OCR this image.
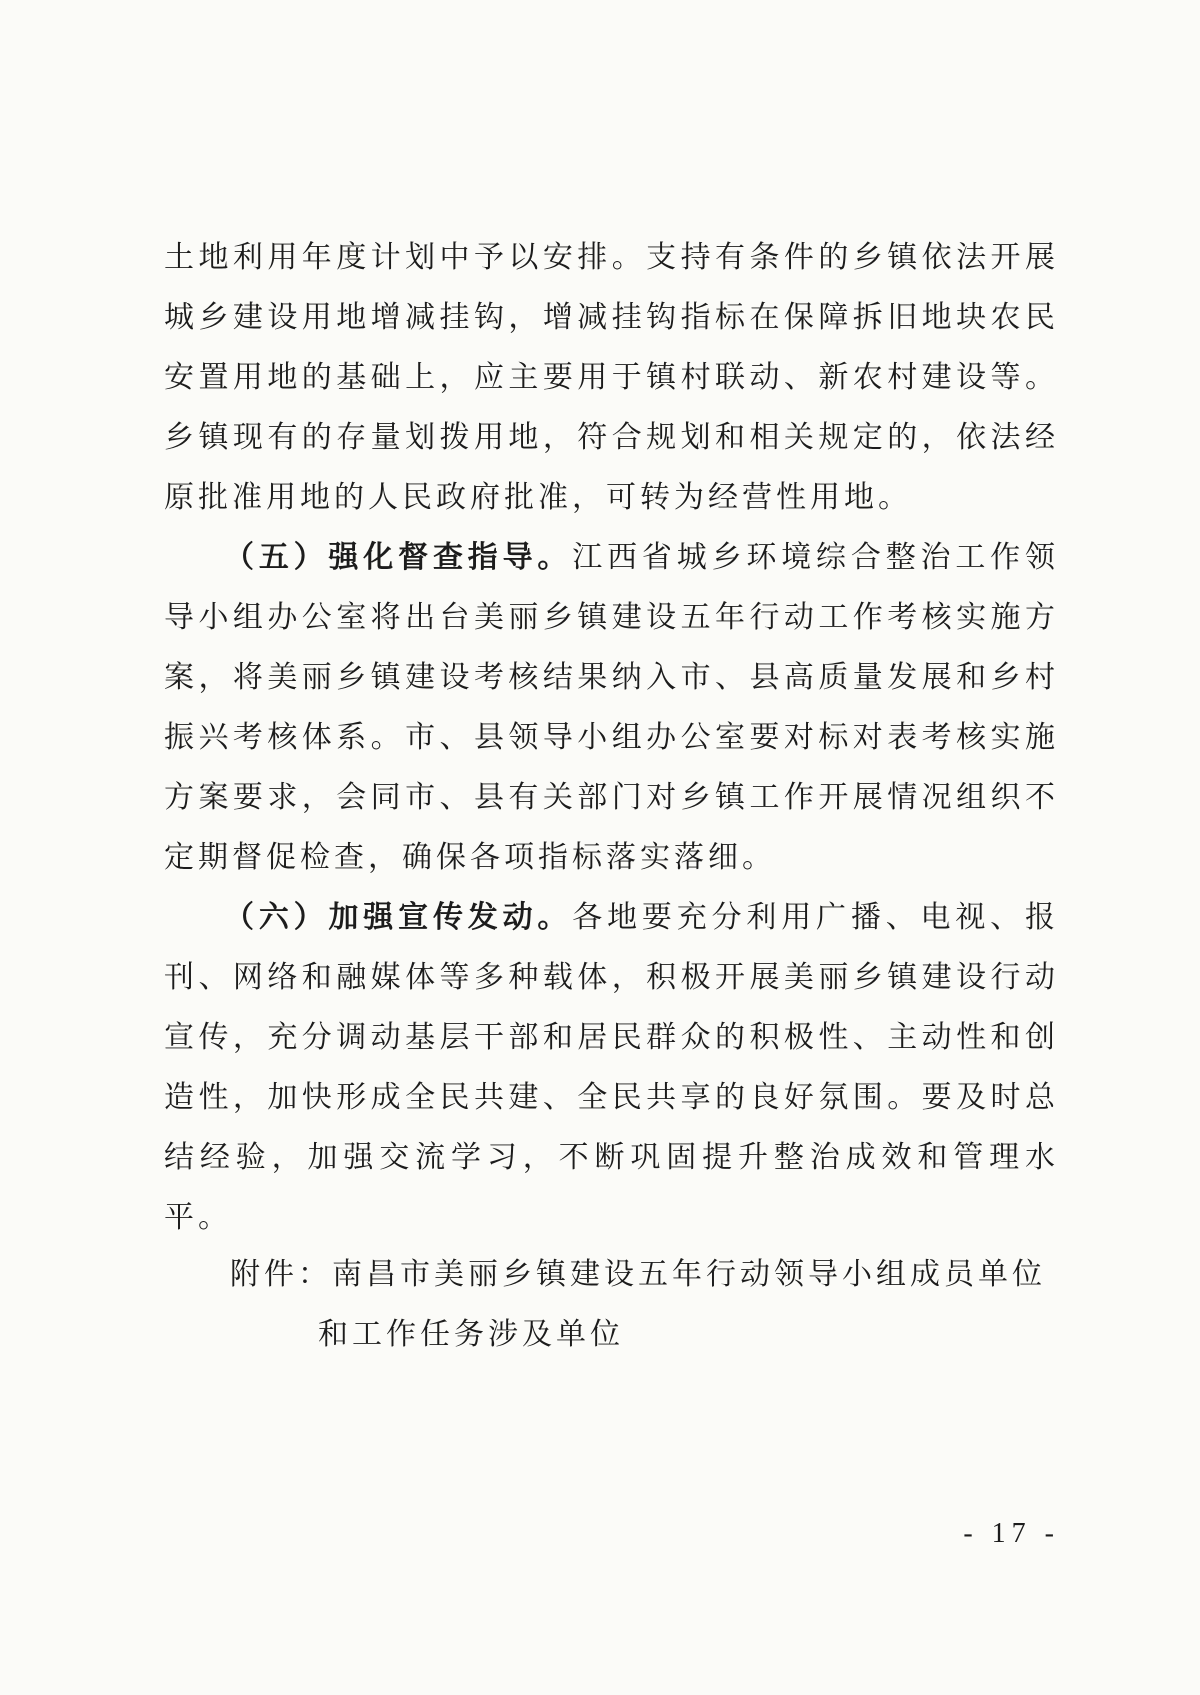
土地利用年度计划中予以安排。支持有条件的乡镇依法开展城乡建设用地增减挂钩，增减挂钩指标在保障拆旧地块农民安置用地的基础上，应主要用于镇村联动、新农村建设等。乡镇现有的存量划拨用地，符合规划和相关规定的，依法经原批准用地的人民政府批准，可转为经营性用地。

（五）强化督查指导。江西省城乡环境综合整治工作领导小组办公室将出台美丽乡镇建设五年行动工作考核实施方案，将美丽乡镇建设考核结果纳入市、县高质量发展和乡村振兴考核体系。市、县领导小组办公室要对标对表考核实施方案要求，会同市、县有关部门对乡镇工作开展情况组织不定期督促检查，确保各项指标落实落细。

（六）加强宣传发动。各地要充分利用广播、电视、报刊、网络和融媒体等多种载体，积极开展美丽乡镇建设行动宣传，充分调动基层干部和居民群众的积极性、主动性和创造性，加快形成全民共建、全民共享的良好氛围。要及时总结经验，加强交流学习，不断巩固提升整治成效和管理水平。

附件： 南昌市美丽乡镇建设五年行动领导小组成员单位和工作任务涉及单位
- 17 -
